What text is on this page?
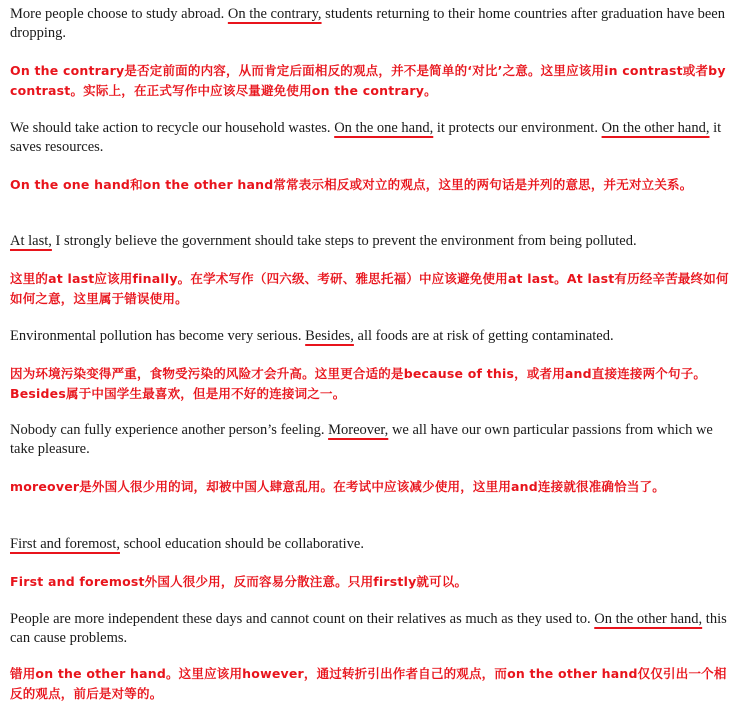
More people choose to study abroad. On the contrary, students returning to their home countries after graduation have been dropping.

On the contrary是否定前面的内容，从而肯定后面相反的观点，并不是简单的‘对比’之意。这里应该用in contrast或者by contrast。实际上，在正式写作中应该尽量避免使用on the contrary。

We should take action to recycle our household wastes. On the one hand, it protects our environment. On the other hand, it saves resources.

On the one hand和on the other hand常常表示相反或对立的观点，这里的两句话是并列的意思，并无对立关系。

At last, I strongly believe the government should take steps to prevent the environment from being polluted.

这里的at last应该用finally。在学术写作（四六级、考研、雅思托福）中应该避免使用at last。At last有历经辛苦最终如何如何之意，这里属于错误使用。

Environmental pollution has become very serious. Besides, all foods are at risk of getting contaminated.

因为环境污染变得严重，食物受污染的风险才会升高。这里更合适的是because of this，或者用and直接连接两个句子。Besides属于中国学生最喜欢，但是用不好的连接词之一。

Nobody can fully experience another person’s feeling. Moreover, we all have our own particular passions from which we take pleasure.

moreover是外国人很少用的词，却被中国人肆意乱用。在考试中应该减少使用，这里用and连接就很准确恰当了。

First and foremost, school education should be collaborative.

First and foremost外国人很少用，反而容易分散注意。只用firstly就可以。

People are more independent these days and cannot count on their relatives as much as they used to. On the other hand, this can cause problems.

错用on the other hand。这里应该用however，通过转折引出作者自己的观点，而on the other hand仅仅引出一个相反的观点，前后是对等的。
